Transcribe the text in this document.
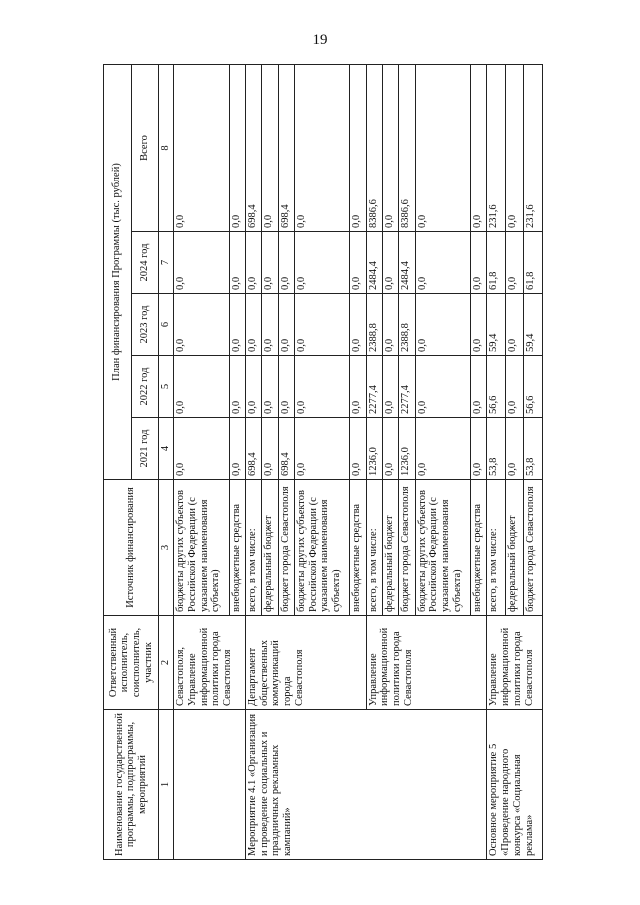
19
Наименование государственной программы, подпрограммы, мероприятий	Ответственный исполнитель, соисполнитель, участник	Источник финансирования	План финансирования Программы (тыс. рублей)				
			2021 год	2022 год	2023 год	2024 год	Всего
1	2	3	4	5	6	7	8
	Севастополя, Управление информационной политики города Севастополя	бюджеты других субъектов Российской Федерации (с указанием наименования субъекта)	0,0	0,0	0,0	0,0	0,0
		внебюджетные средства	0,0	0,0	0,0	0,0	0,0
Мероприятие 4.1 «Организация и проведение социальных и праздничных рекламных кампаний»	Департамент общественных коммуникаций города Севастополя	всего, в том числе:	698,4	0,0	0,0	0,0	698,4
		федеральный бюджет	0,0	0,0	0,0	0,0	0,0
		бюджет города Севастополя	698,4	0,0	0,0	0,0	698,4
		бюджеты других субъектов Российской Федерации (с указанием наименования субъекта)	0,0	0,0	0,0	0,0	0,0
		внебюджетные средства	0,0	0,0	0,0	0,0	0,0
	Управление информационной политики города Севастополя	всего, в том числе:	1236,0	2277,4	2388,8	2484,4	8386,6
		федеральный бюджет	0,0	0,0	0,0	0,0	0,0
		бюджет города Севастополя	1236,0	2277,4	2388,8	2484,4	8386,6
		бюджеты других субъектов Российской Федерации (с указанием наименования субъекта)	0,0	0,0	0,0	0,0	0,0
		внебюджетные средства	0,0	0,0	0,0	0,0	0,0
Основное мероприятие 5 «Проведение народного конкурса «Социальная реклама»	Управление информационной политики города Севастополя	всего, в том числе:	53,8	56,6	59,4	61,8	231,6
		федеральный бюджет	0,0	0,0	0,0	0,0	0,0
		бюджет города Севастополя	53,8	56,6	59,4	61,8	231,6
